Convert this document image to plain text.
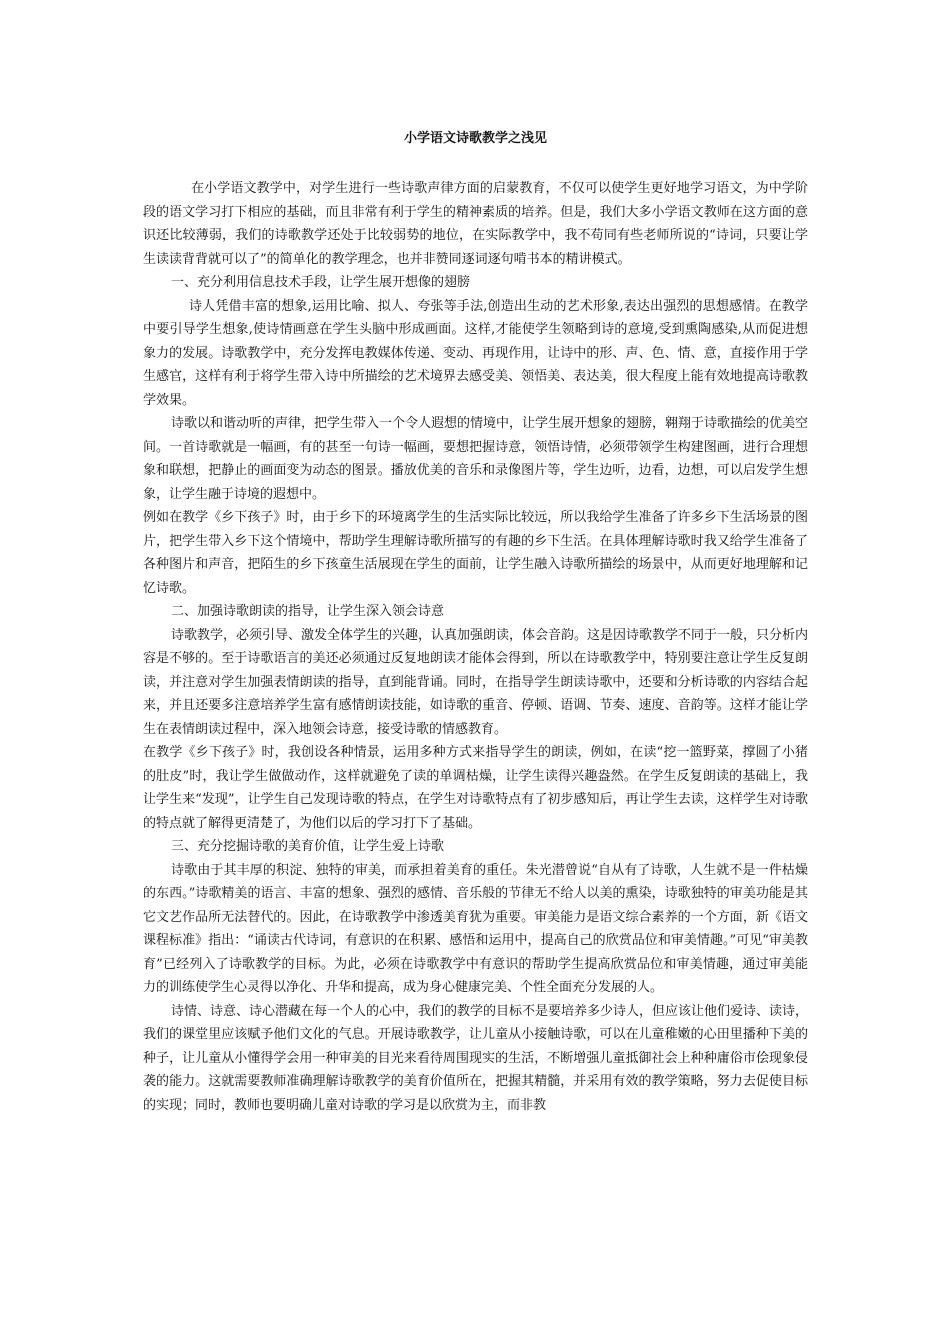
小学语文诗歌教学之浅见

在小学语文教学中，对学生进行一些诗歌声律方面的启蒙教育，不仅可以使学生更好地学习语文，为中学阶段的语文学习打下相应的基础，而且非常有利于学生的精神素质的培养。但是，我们大多小学语文教师在这方面的意识还比较薄弱，我们的诗歌教学还处于比较弱势的地位，在实际教学中，我不苟同有些老师所说的“诗词，只要让学生读读背背就可以了”的简单化的教学理念，也并非赞同逐词逐句啃书本的精讲模式。

一、充分利用信息技术手段，让学生展开想像的翅膀

诗人凭借丰富的想象,运用比喻、拟人、夸张等手法,创造出生动的艺术形象,表达出强烈的思想感情。在教学中要引导学生想象,使诗情画意在学生头脑中形成画面。这样,才能使学生领略到诗的意境,受到熏陶感染,从而促进想象力的发展。诗歌教学中，充分发挥电教媒体传递、变动、再现作用，让诗中的形、声、色、情、意，直接作用于学生感官，这样有利于将学生带入诗中所描绘的艺术境界去感受美、领悟美、表达美，很大程度上能有效地提高诗歌教学效果。

诗歌以和谐动听的声律，把学生带入一个令人遐想的情境中，让学生展开想象的翅膀，翱翔于诗歌描绘的优美空间。一首诗歌就是一幅画，有的甚至一句诗一幅画，要想把握诗意，领悟诗情，必须带领学生构建图画，进行合理想象和联想，把静止的画面变为动态的图景。播放优美的音乐和录像图片等，学生边听，边看，边想，可以启发学生想象，让学生融于诗境的遐想中。

例如在教学《乡下孩子》时，由于乡下的环境离学生的生活实际比较远，所以我给学生准备了许多乡下生活场景的图片，把学生带入乡下这个情境中，帮助学生理解诗歌所描写的有趣的乡下生活。在具体理解诗歌时我又给学生准备了各种图片和声音，把陌生的乡下孩童生活展现在学生的面前，让学生融入诗歌所描绘的场景中，从而更好地理解和记忆诗歌。

二、加强诗歌朗读的指导，让学生深入领会诗意

诗歌教学，必须引导、激发全体学生的兴趣，认真加强朗读，体会音韵。这是因诗歌教学不同于一般，只分析内容是不够的。至于诗歌语言的美还必须通过反复地朗读才能体会得到，所以在诗歌教学中，特别要注意让学生反复朗读，并注意对学生加强表情朗读的指导，直到能背诵。同时，在指导学生朗读诗歌中，还要和分析诗歌的内容结合起来，并且还要多注意培养学生富有感情朗读技能，如诗歌的重音、停顿、语调、节奏、速度、音韵等。这样才能让学生在表情朗读过程中，深入地领会诗意，接受诗歌的情感教育。

在教学《乡下孩子》时，我创设各种情景，运用多种方式来指导学生的朗读，例如，在读“挖一篮野菜，撑圆了小猪的肚皮”时，我让学生做做动作，这样就避免了读的单调枯燥，让学生读得兴趣盎然。在学生反复朗读的基础上，我让学生来“发现”，让学生自己发现诗歌的特点，在学生对诗歌特点有了初步感知后，再让学生去读，这样学生对诗歌的特点就了解得更清楚了，为他们以后的学习打下了基础。

三、充分挖掘诗歌的美育价值，让学生爱上诗歌

诗歌由于其丰厚的积淀、独特的审美，而承担着美育的重任。朱光潜曾说“自从有了诗歌，人生就不是一件枯燥的东西。”诗歌精美的语言、丰富的想象、强烈的感情、音乐般的节律无不给人以美的熏染，诗歌独特的审美功能是其它文艺作品所无法替代的。因此，在诗歌教学中渗透美育犹为重要。审美能力是语文综合素养的一个方面，新《语文课程标准》指出：“诵读古代诗词，有意识的在积累、感悟和运用中，提高自己的欣赏品位和审美情趣。”可见“审美教育”已经列入了诗歌教学的目标。为此，必须在诗歌教学中有意识的帮助学生提高欣赏品位和审美情趣，通过审美能力的训练使学生心灵得以净化、升华和提高，成为身心健康完美、个性全面充分发展的人。

诗情、诗意、诗心潜藏在每一个人的心中，我们的教学的目标不是要培养多少诗人，但应该让他们爱诗、读诗，我们的课堂里应该赋予他们文化的气息。开展诗歌教学，让儿童从小接触诗歌，可以在儿童稚嫩的心田里播种下美的种子，让儿童从小懂得学会用一种审美的目光来看待周围现实的生活，不断增强儿童抵御社会上种种庸俗市侩现象侵袭的能力。这就需要教师准确理解诗歌教学的美育价值所在，把握其精髓，并采用有效的教学策略，努力去促使目标的实现；同时，教师也要明确儿童对诗歌的学习是以欣赏为主，而非教
